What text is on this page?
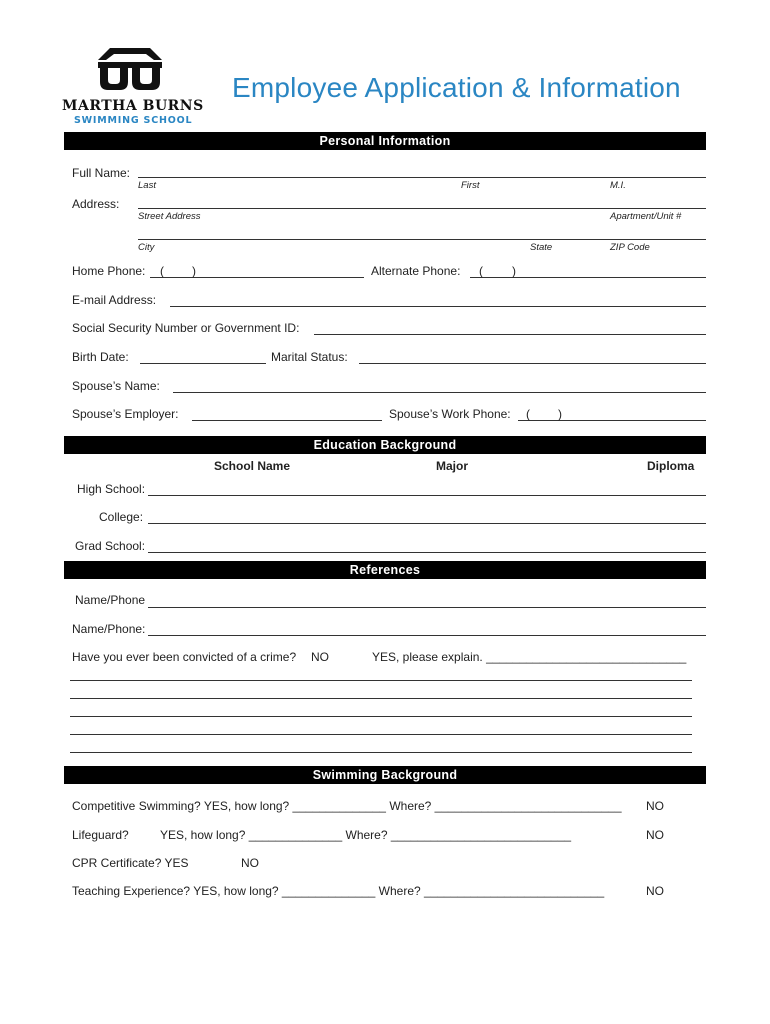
MARTHA BURNS
SWIMMING SCHOOL
Employee Application & Information
Personal Information
Full Name:
Last	First	M.I.
Address:
Street Address	Apartment/Unit #
City	State	ZIP Code
Home Phone: ( )	Alternate Phone: ( )
E-mail Address:
Social Security Number or Government ID:
Birth Date:	Marital Status:
Spouse’s Name:
Spouse’s Employer:	Spouse’s Work Phone: ( )
Education Background
School Name	Major	Diploma
High School:
College:
Grad School:
References
Name/Phone
Name/Phone:
Have you ever been convicted of a crime? NO	YES, please explain. ______________________________
Swimming Background
Competitive Swimming? YES, how long? ______________ Where? ____________________________ NO
Lifeguard?	YES, how long? ______________ Where? ___________________________	NO
CPR Certificate? YES	NO
Teaching Experience? YES, how long? ______________ Where? ___________________________	NO
